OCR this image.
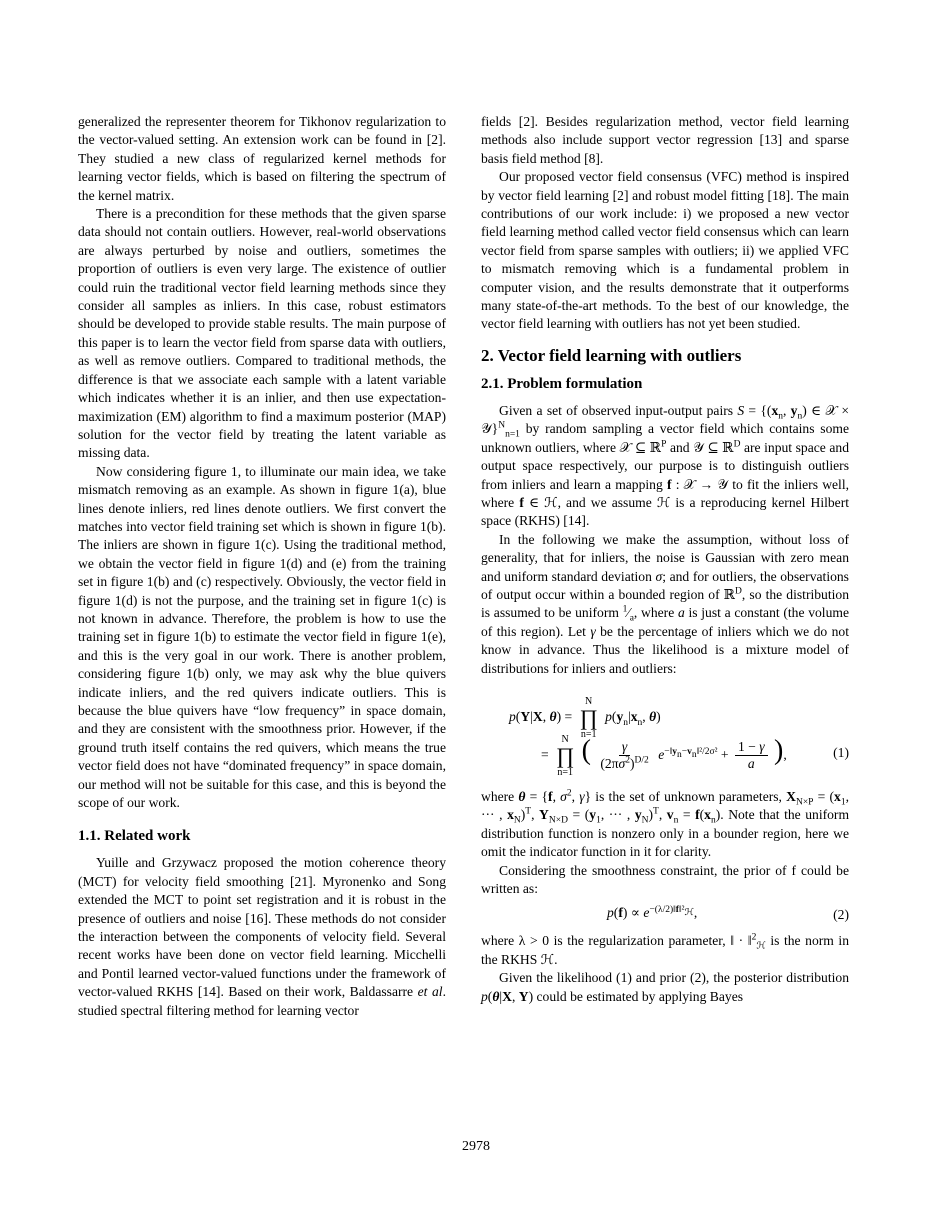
generalized the representer theorem for Tikhonov regularization to the vector-valued setting. An extension work can be found in [2]. They studied a new class of regularized kernel methods for learning vector fields, which is based on filtering the spectrum of the kernel matrix.

There is a precondition for these methods that the given sparse data should not contain outliers. However, real-world observations are always perturbed by noise and outliers, sometimes the proportion of outliers is even very large. The existence of outlier could ruin the traditional vector field learning methods since they consider all samples as inliers. In this case, robust estimators should be developed to provide stable results. The main purpose of this paper is to learn the vector field from sparse data with outliers, as well as remove outliers. Compared to traditional methods, the difference is that we associate each sample with a latent variable which indicates whether it is an inlier, and then use expectation-maximization (EM) algorithm to find a maximum posterior (MAP) solution for the vector field by treating the latent variable as missing data.

Now considering figure 1, to illuminate our main idea, we take mismatch removing as an example. As shown in figure 1(a), blue lines denote inliers, red lines denote outliers. We first convert the matches into vector field training set which is shown in figure 1(b). The inliers are shown in figure 1(c). Using the traditional method, we obtain the vector field in figure 1(d) and (e) from the training set in figure 1(b) and (c) respectively. Obviously, the vector field in figure 1(d) is not the purpose, and the training set in figure 1(c) is not known in advance. Therefore, the problem is how to use the training set in figure 1(b) to estimate the vector field in figure 1(e), and this is the very goal in our work. There is another problem, considering figure 1(b) only, we may ask why the blue quivers indicate inliers, and the red quivers indicate outliers. This is because the blue quivers have “low frequency” in space domain, and they are consistent with the smoothness prior. However, if the ground truth itself contains the red quivers, which means the true vector field does not have “dominated frequency” in space domain, our method will not be suitable for this case, and this is beyond the scope of our work.

1.1. Related work

Yuille and Grzywacz proposed the motion coherence theory (MCT) for velocity field smoothing [21]. Myronenko and Song extended the MCT to point set registration and it is robust in the presence of outliers and noise [16]. These methods do not consider the interaction between the components of velocity field. Several recent works have been done on vector field learning. Micchelli and Pontil learned vector-valued functions under the framework of vector-valued RKHS [14]. Based on their work, Baldassarre et al. studied spectral filtering method for learning vector

fields [2]. Besides regularization method, vector field learning methods also include support vector regression [13] and sparse basis field method [8].

Our proposed vector field consensus (VFC) method is inspired by vector field learning [2] and robust model fitting [18]. The main contributions of our work include: i) we proposed a new vector field learning method called vector field consensus which can learn vector field from sparse samples with outliers; ii) we applied VFC to mismatch removing which is a fundamental problem in computer vision, and the results demonstrate that it outperforms many state-of-the-art methods. To the best of our knowledge, the vector field learning with outliers has not yet been studied.

2. Vector field learning with outliers
2.1. Problem formulation

Given a set of observed input-output pairs $S = \{(x_n$, $y_n$) ∈ 𝒳 × 𝒴}$^N_{n=1}$ by random sampling a vector field which contains some unknown outliers, where 𝒳 ⊆ ℝ$^P$ and 𝒴 ⊆ ℝ$^D$ are input space and output space respectively, our purpose is to distinguish outliers from inliers and learn a mapping f : 𝒳 → 𝒴 to fit the inliers well, where f ∈ ℋ, and we assume ℋ is a reproducing kernel Hilbert space (RKHS) [14].

In the following we make the assumption, without loss of generality, that for inliers, the noise is Gaussian with zero mean and uniform standard deviation σ; and for outliers, the observations of output occur within a bounded region of ℝ$^D$, so the distribution is assumed to be uniform $^1⁄_a$, where a is just a constant (the volume of this region). Let γ be the percentage of inliers which we do not know in advance. Thus the likelihood is a mixture model of distributions for inliers and outliers:

p(Y|X, θ) =
N
∏
n=1
$p(y_n|x_n$, θ)
=
N
∏
n=1
( $\frac{\gamma}{(2\pi\sigma^2)^{D/2}} e^{-‖y_n-v_n‖^2/2\sigma^2} + \frac{1 - \gamma}{a}$ ),	(1)

where θ = {f, $\sigma^2$, γ} is the set of unknown parameters, $X_{N\times P} = (x_1$, ··· , $x_N)^T$, $Y_{N\times D} = (y_1$, ··· , $y_N)^T$, $v_n = f(x_n)$. Note that the uniform distribution function is nonzero only in a bounder region, here we omit the indicator function in it for clarity.

Considering the smoothness constraint, the prior of f could be written as:

$p(f) \propto e^{-(\lambda/2)‖f‖^2_ℋ}$,	(2)

where λ > 0 is the regularization parameter, ‖ · ‖$^2_ℋ$ is the norm in the RKHS ℋ.

Given the likelihood (1) and prior (2), the posterior distribution p(θ|X, Y) could be estimated by applying Bayes

2978
